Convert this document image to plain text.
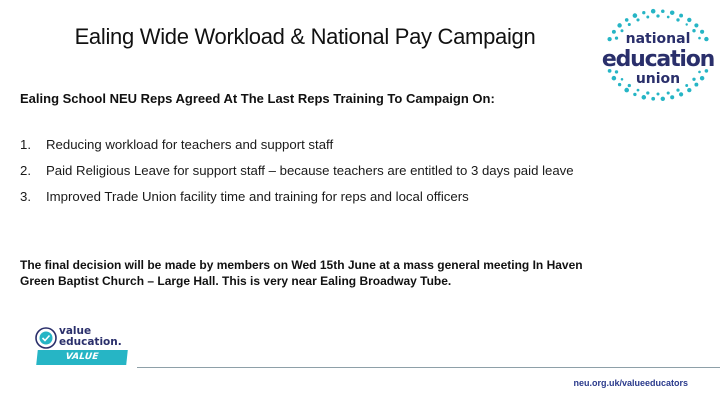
Ealing Wide Workload & National Pay Campaign	national
education
union
Ealing School NEU Reps Agreed At The Last Reps Training To Campaign On:
1.	Reducing workload for teachers and support staff
2.	Paid Religious Leave for support staff – because teachers are entitled to 3 days paid leave
3.	Improved Trade Union facility time and training for reps and local officers
The final decision will be made by members on Wed 15th June at a mass general meeting In Haven Green Baptist Church – Large Hall. This is very near Ealing Broadway Tube.
value
education.
VALUE EDUCATORS
neu.org.uk/valueeducators
